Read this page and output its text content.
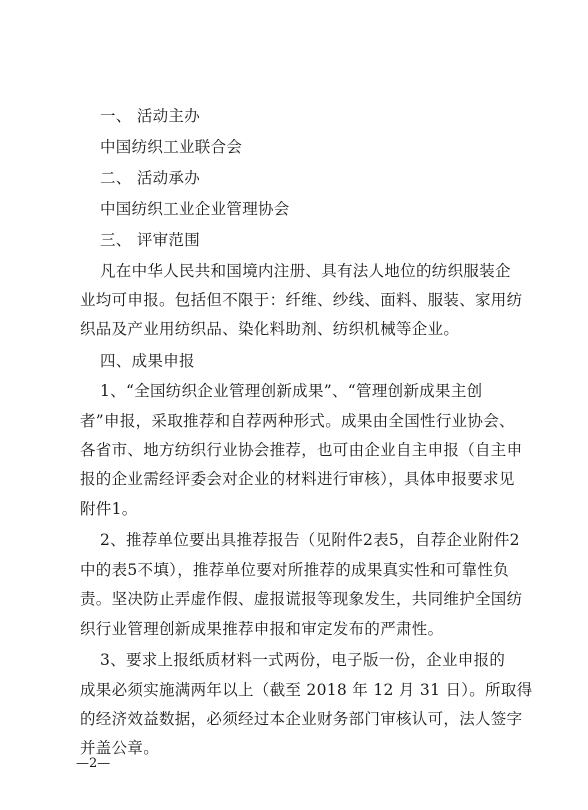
一、 活动主办
中国纺织工业联合会
二、 活动承办
中国纺织工业企业管理协会
三、 评审范围
凡在中华人民共和国境内注册、具有法人地位的纺织服装企
业均可申报。包括但不限于：纤维、纱线、面料、服装、家用纺
织品及产业用纺织品、染化料助剂、纺织机械等企业。
四、成果申报
1、“全国纺织企业管理创新成果”、“管理创新成果主创
者”申报，采取推荐和自荐两种形式。成果由全国性行业协会、
各省市、地方纺织行业协会推荐，也可由企业自主申报（自主申
报的企业需经评委会对企业的材料进行审核），具体申报要求见
附件1。
2、推荐单位要出具推荐报告（见附件2表5，自荐企业附件2
中的表5不填），推荐单位要对所推荐的成果真实性和可靠性负
责。坚决防止弄虚作假、虚报谎报等现象发生，共同维护全国纺
织行业管理创新成果推荐申报和审定发布的严肃性。
3、要求上报纸质材料一式两份，电子版一份，企业申报的
成果必须实施满两年以上（截至 2018 年 12 月 31 日）。所取得
的经济效益数据，必须经过本企业财务部门审核认可，法人签字
—2—
并盖公章。
